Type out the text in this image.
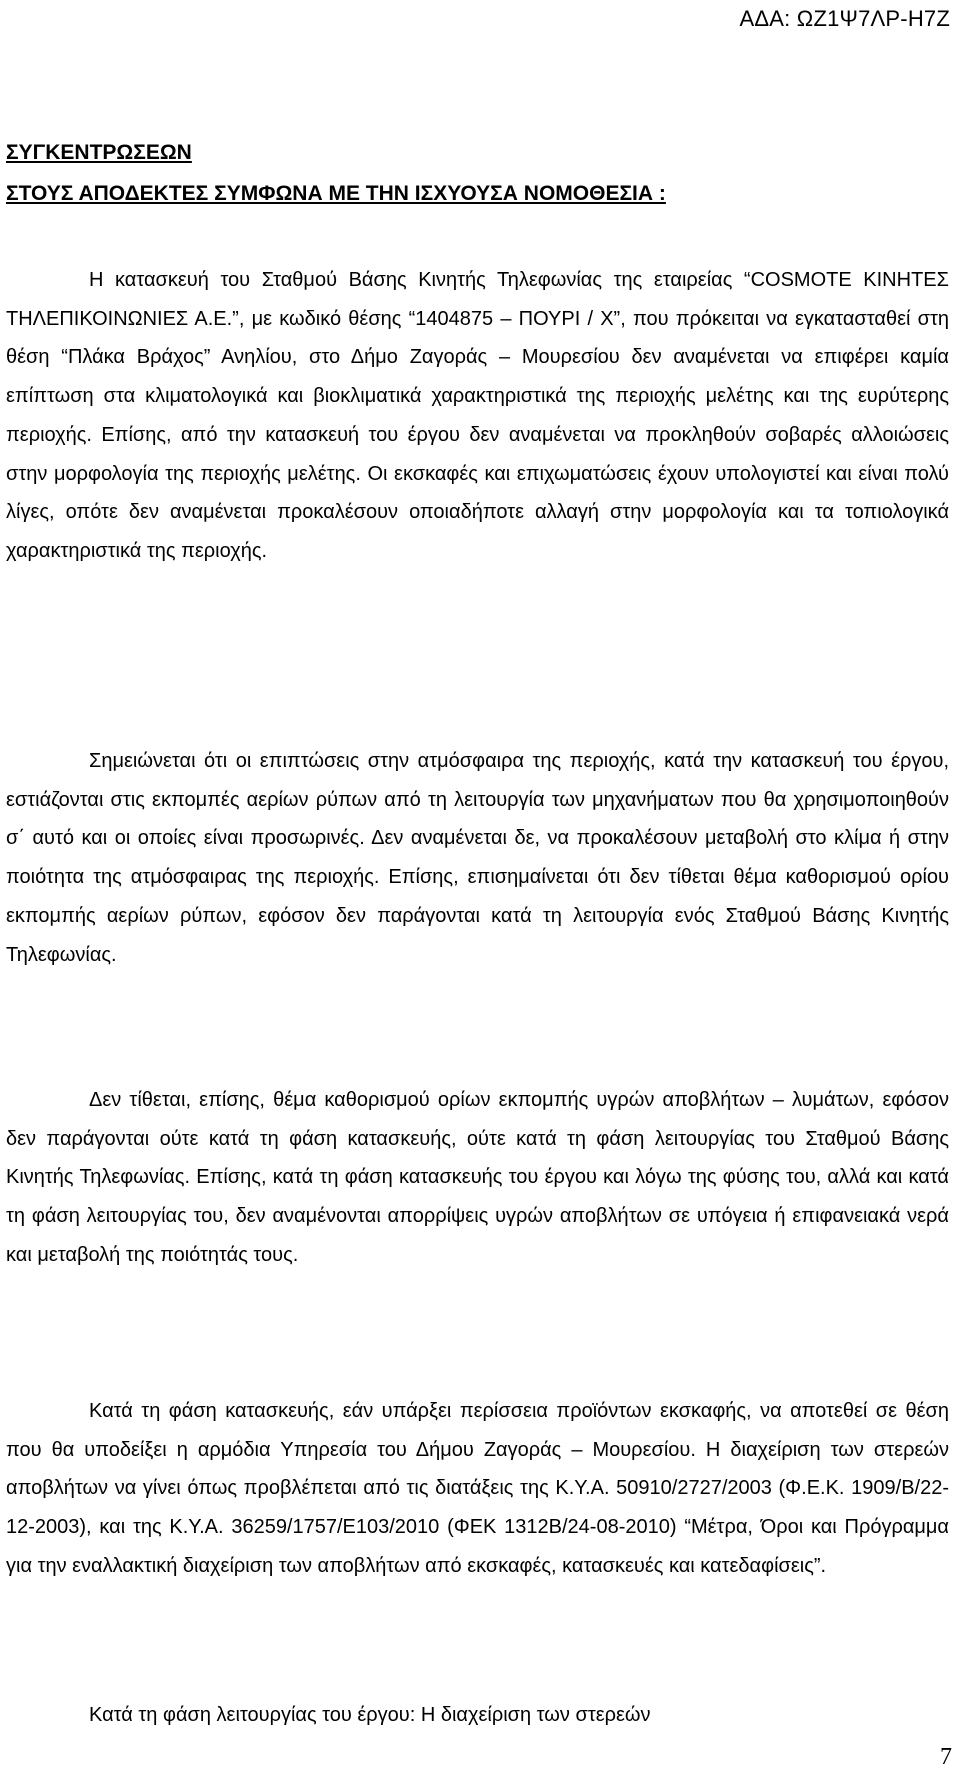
ΑΔΑ: ΩΖ1Ψ7ΛΡ-Η7Ζ

ΣΥΓΚΕΝΤΡΩΣΕΩΝ

ΣΤΟΥΣ ΑΠΟΔΕΚΤΕΣ ΣΥΜΦΩΝΑ ΜΕ ΤΗΝ ΙΣΧΥΟΥΣΑ ΝΟΜΟΘΕΣΙΑ :

Η κατασκευή του Σταθμού Βάσης Κινητής Τηλεφωνίας της εταιρείας “COSMOTE ΚΙΝΗΤΕΣ ΤΗΛΕΠΙΚΟΙΝΩΝΙΕΣ Α.Ε.”, με κωδικό θέσης “1404875 – ΠΟΥΡΙ / Χ”, που πρόκειται να εγκατασταθεί στη θέση “Πλάκα Βράχος” Ανηλίου, στο Δήμο Ζαγοράς – Μουρεσίου δεν αναμένεται να επιφέρει καμία επίπτωση στα κλιματολογικά και βιοκλιματικά χαρακτηριστικά της περιοχής μελέτης και της ευρύτερης περιοχής. Επίσης, από την κατασκευή του έργου δεν αναμένεται να προκληθούν σοβαρές αλλοιώσεις στην μορφολογία της περιοχής μελέτης. Οι εκσκαφές και επιχωματώσεις έχουν υπολογιστεί και είναι πολύ λίγες, οπότε δεν αναμένεται προκαλέσουν οποιαδήποτε αλλαγή στην μορφολογία και τα τοπιολογικά χαρακτηριστικά της περιοχής.

Σημειώνεται ότι οι επιπτώσεις στην ατμόσφαιρα της περιοχής, κατά την κατασκευή του έργου, εστιάζονται στις εκπομπές αερίων ρύπων από τη λειτουργία των μηχανήματων που θα χρησιμοποιηθούν σ΄ αυτό και οι οποίες είναι προσωρινές. Δεν αναμένεται δε, να προκαλέσουν μεταβολή στο κλίμα ή στην ποιότητα της ατμόσφαιρας της περιοχής. Επίσης, επισημαίνεται ότι δεν τίθεται θέμα καθορισμού ορίου εκπομπής αερίων ρύπων, εφόσον δεν παράγονται κατά τη λειτουργία ενός Σταθμού Βάσης Κινητής Τηλεφωνίας.

Δεν τίθεται, επίσης, θέμα καθορισμού ορίων εκπομπής υγρών αποβλήτων – λυμάτων, εφόσον δεν παράγονται ούτε κατά τη φάση κατασκευής, ούτε κατά τη φάση λειτουργίας του Σταθμού Βάσης Κινητής Τηλεφωνίας. Επίσης, κατά τη φάση κατασκευής του έργου και λόγω της φύσης του, αλλά και κατά τη φάση λειτουργίας του, δεν αναμένονται απορρίψεις υγρών αποβλήτων σε υπόγεια ή επιφανειακά νερά και μεταβολή της ποιότητάς τους.

Κατά τη φάση κατασκευής, εάν υπάρξει περίσσεια προϊόντων εκσκαφής, να αποτεθεί σε θέση που θα υποδείξει η αρμόδια Υπηρεσία του Δήμου Ζαγοράς – Μουρεσίου. Η διαχείριση των στερεών αποβλήτων να γίνει όπως προβλέπεται από τις διατάξεις της Κ.Υ.Α. 50910/2727/2003 (Φ.Ε.Κ. 1909/Β/22-12-2003), και της Κ.Υ.Α. 36259/1757/Ε103/2010 (ΦΕΚ 1312Β/24-08-2010) “Μέτρα, Όροι και Πρόγραμμα για την εναλλακτική διαχείριση των αποβλήτων από εκσκαφές, κατασκευές και κατεδαφίσεις”.

Κατά τη φάση λειτουργίας του έργου: Η διαχείριση των στερεών

7
